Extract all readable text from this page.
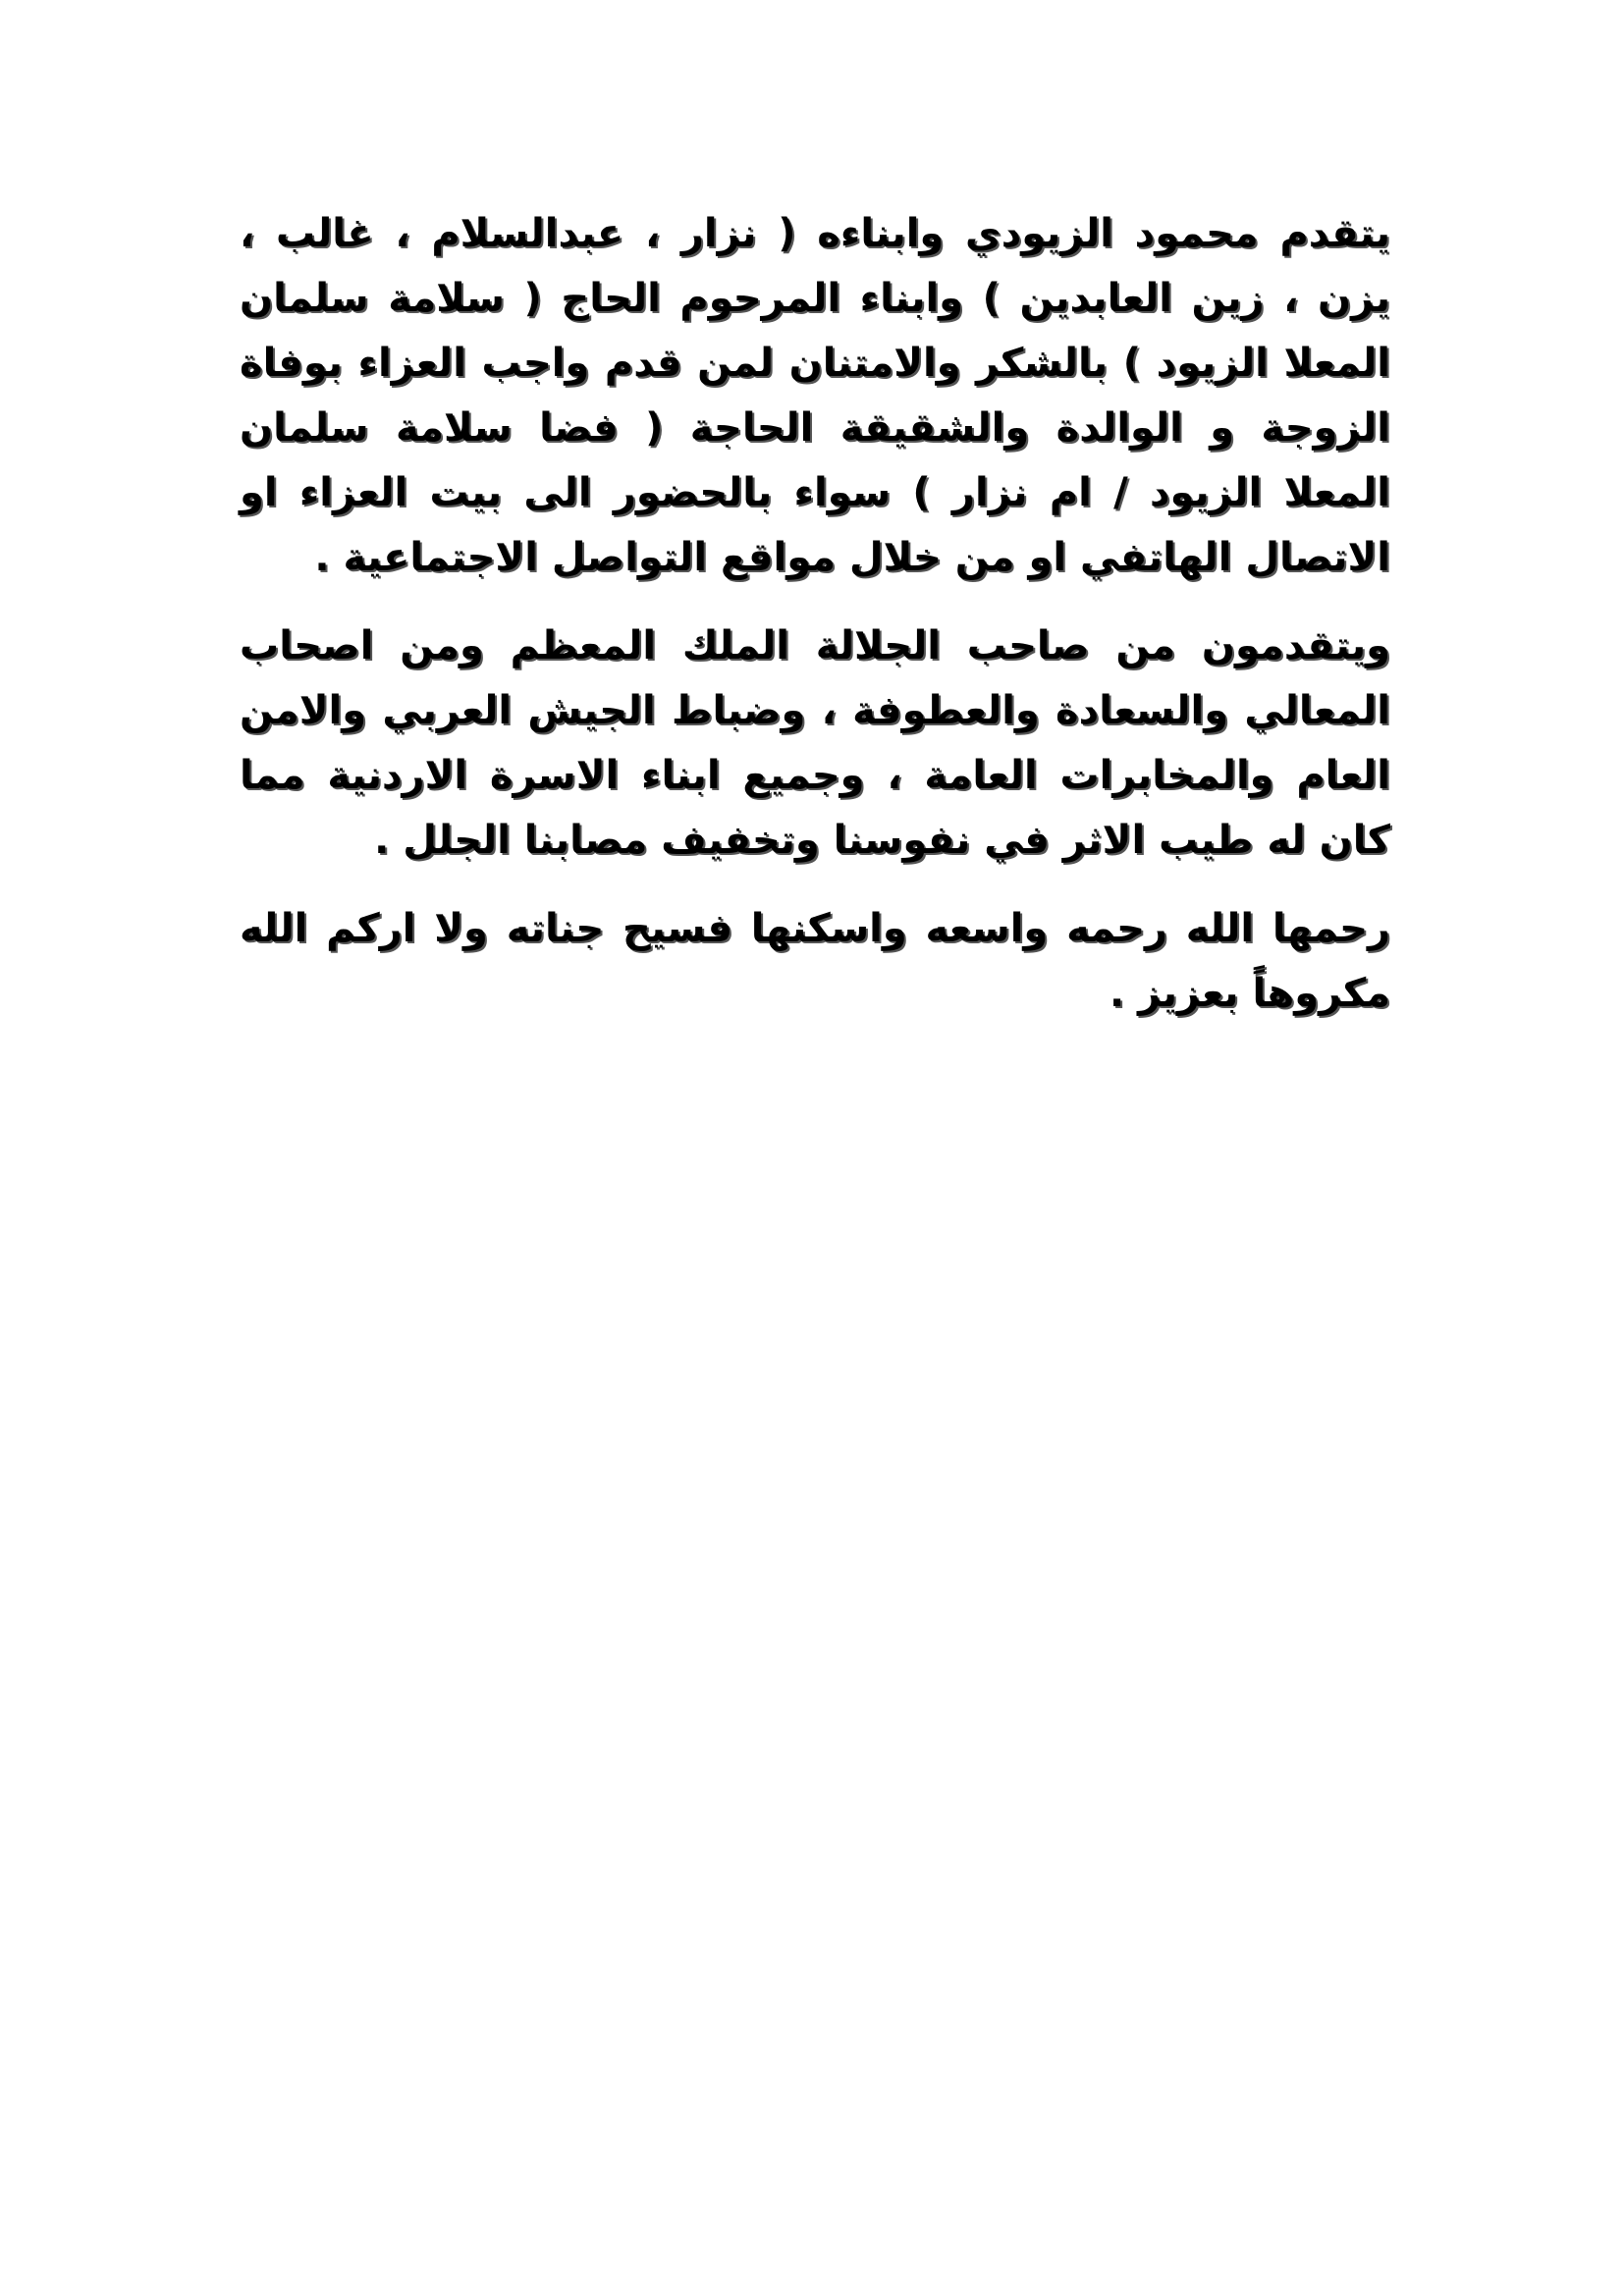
يتقدم محمود الزيودي وابناءه ( نزار ، عبدالسلام ، غالب ،
يزن ، زين العابدين ) وابناء المرحوم الحاج ( سلامة سلمان
المعلا الزيود ) بالشكر والامتنان لمن قدم واجب العزاء بوفاة
الزوجة و الوالدة والشقيقة الحاجة ( فضا سلامة سلمان
المعلا الزيود / ام نزار ) سواء بالحضور الى بيت العزاء او
الاتصال الهاتفي او من خلال مواقع التواصل الاجتماعية .
ويتقدمون من صاحب الجلالة الملك المعظم ومن اصحاب
المعالي والسعادة والعطوفة ، وضباط الجيش العربي والامن
العام والمخابرات العامة ، وجميع ابناء الاسرة الاردنية مما
كان له طيب الاثر في نفوسنا وتخفيف مصابنا الجلل .
رحمها الله رحمه واسعه واسكنها فسيح جناته ولا اركم الله
مكروهاً بعزيز .
